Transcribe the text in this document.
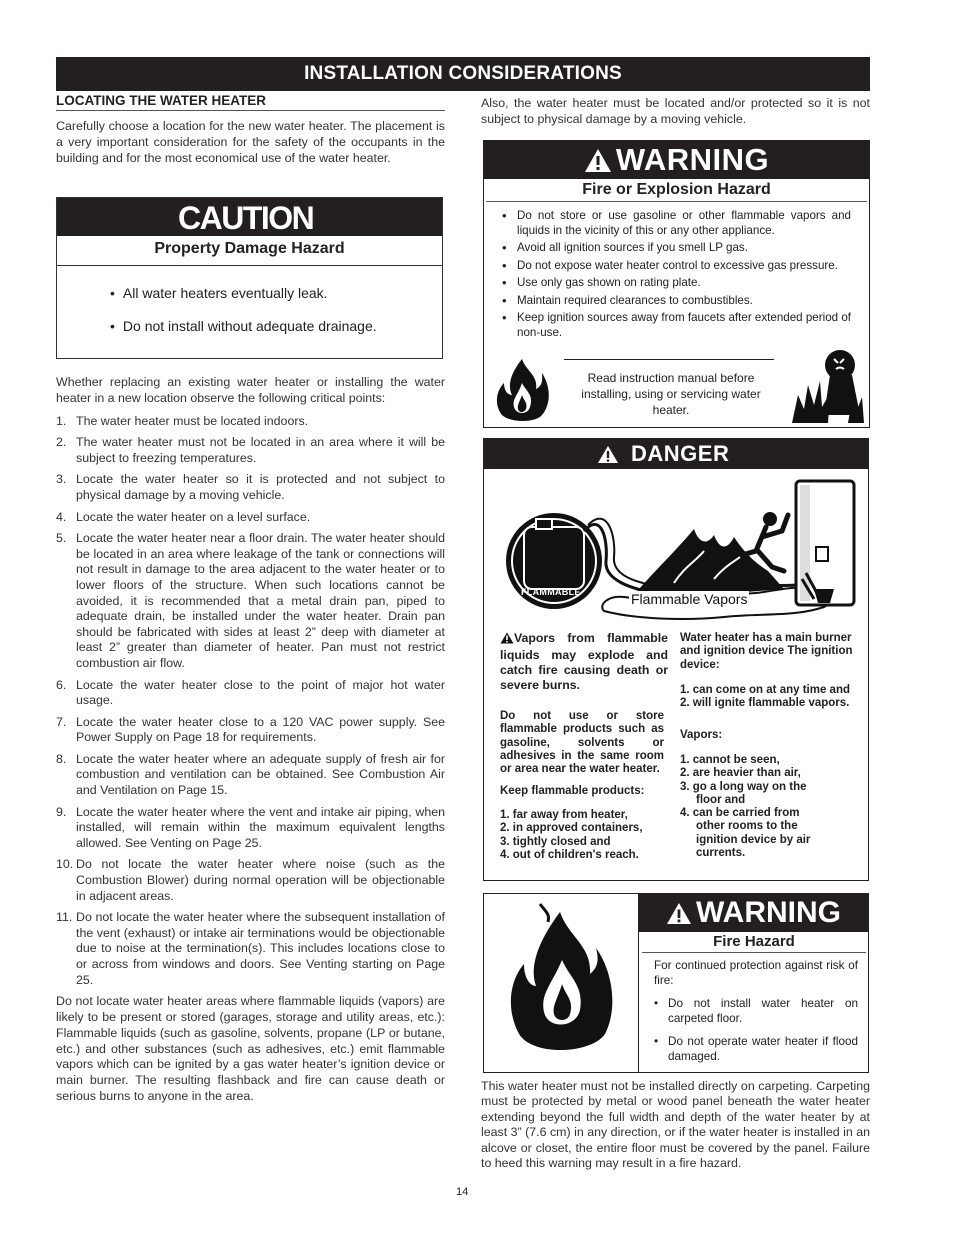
INSTALLATION CONSIDERATIONS
LOCATING THE WATER HEATER

Carefully choose a location for the new water heater. The placement is a very important consideration for the safety of the occupants in the building and for the most economical use of the water heater.

CAUTION
Property Damage Hazard
• All water heaters eventually leak.
• Do not install without adequate drainage.

Whether replacing an existing water heater or installing the water heater in a new location observe the following critical points:

1. The water heater must be located indoors.
2. The water heater must not be located in an area where it will be subject to freezing temperatures.
3. Locate the water heater so it is protected and not subject to physical damage by a moving vehicle.
4. Locate the water heater on a level surface.
5. Locate the water heater near a floor drain. The water heater should be located in an area where leakage of the tank or connections will not result in damage to the area adjacent to the water heater or to lower floors of the structure. When such locations cannot be avoided, it is recommended that a metal drain pan, piped to adequate drain, be installed under the water heater. Drain pan should be fabricated with sides at least 2” deep with diameter at least 2” greater than diameter of heater. Pan must not restrict combustion air flow.
6. Locate the water heater close to the point of major hot water usage.
7. Locate the water heater close to a 120 VAC power supply. See Power Supply on Page 18 for requirements.
8. Locate the water heater where an adequate supply of fresh air for combustion and ventilation can be obtained. See Combustion Air and Ventilation on Page 15.
9. Locate the water heater where the vent and intake air piping, when installed, will remain within the maximum equivalent lengths allowed. See Venting on Page 25.
10. Do not locate the water heater where noise (such as the Combustion Blower) during normal operation will be objectionable in adjacent areas.
11. Do not locate the water heater where the subsequent installation of the vent (exhaust) or intake air terminations would be objectionable due to noise at the termination(s). This includes locations close to or across from windows and doors. See Venting starting on Page 25.

Do not locate water heater areas where flammable liquids (vapors) are likely to be present or stored (garages, storage and utility areas, etc.): Flammable liquids (such as gasoline, solvents, propane (LP or butane, etc.) and other substances (such as adhesives, etc.) emit flammable vapors which can be ignited by a gas water heater’s ignition device or main burner. The resulting flashback and fire can cause death or serious burns to anyone in the area.

Also, the water heater must be located and/or protected so it is not subject to physical damage by a moving vehicle.

WARNING
Fire or Explosion Hazard
• Do not store or use gasoline or other flammable vapors and liquids in the vicinity of this or any other appliance.
• Avoid all ignition sources if you smell LP gas.
• Do not expose water heater control to excessive gas pressure.
• Use only gas shown on rating plate.
• Maintain required clearances to combustibles.
• Keep ignition sources away from faucets after extended period of non-use.
Read instruction manual before installing, using or servicing water heater.
DANGER
FLAMMABLE	Flammable Vapors
Vapors from flammable liquids may explode and catch fire causing death or severe burns.
Do not use or store flammable products such as gasoline, solvents or adhesives in the same room or area near the water heater.
Keep flammable products:
1. far away from heater,
2. in approved containers,
3. tightly closed and
4. out of children's reach.
Water heater has a main burner and ignition device The ignition device:
1. can come on at any time and
2. will ignite flammable vapors.
Vapors:
1. cannot be seen,
2. are heavier than air,
3. go a long way on the floor and
4. can be carried from other rooms to the ignition device by air currents.
WARNING
Fire Hazard
For continued protection against risk of fire:
• Do not install water heater on carpeted floor.
• Do not operate water heater if flood damaged.

This water heater must not be installed directly on carpeting. Carpeting must be protected by metal or wood panel beneath the water heater extending beyond the full width and depth of the water heater by at least 3” (7.6 cm) in any direction, or if the water heater is installed in an alcove or closet, the entire floor must be covered by the panel. Failure to heed this warning may result in a fire hazard.

14
